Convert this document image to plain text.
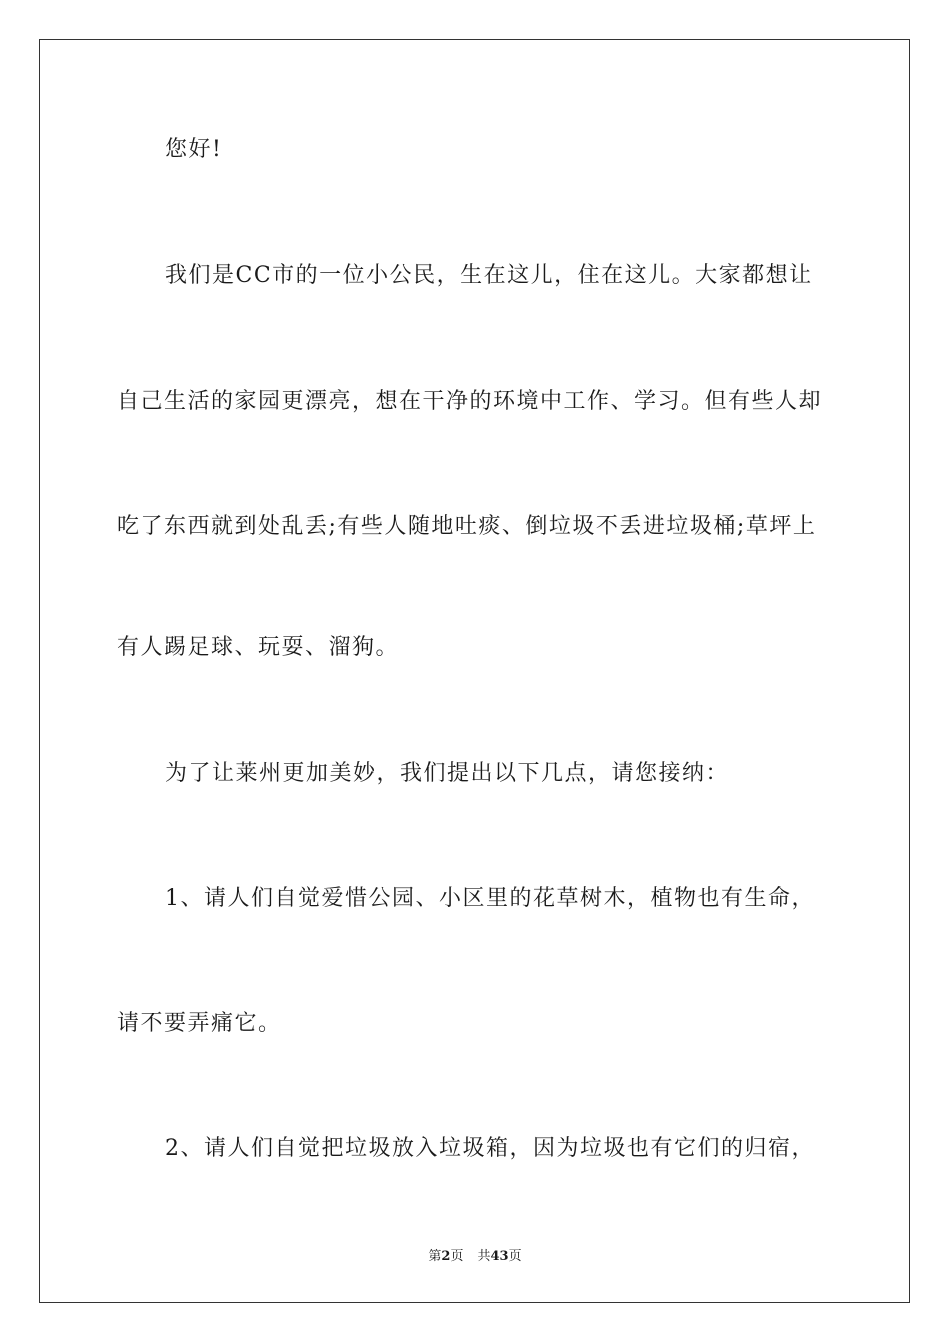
您好!
我们是CC市的一位小公民，生在这儿，住在这儿。大家都想让
自己生活的家园更漂亮，想在干净的环境中工作、学习。但有些人却
吃了东西就到处乱丢;有些人随地吐痰、倒垃圾不丢进垃圾桶;草坪上
有人踢足球、玩耍、溜狗。
为了让莱州更加美妙，我们提出以下几点，请您接纳：
1、请人们自觉爱惜公园、小区里的花草树木，植物也有生命，
请不要弄痛它。
2、请人们自觉把垃圾放入垃圾箱，因为垃圾也有它们的归宿，
第2页 共43页
